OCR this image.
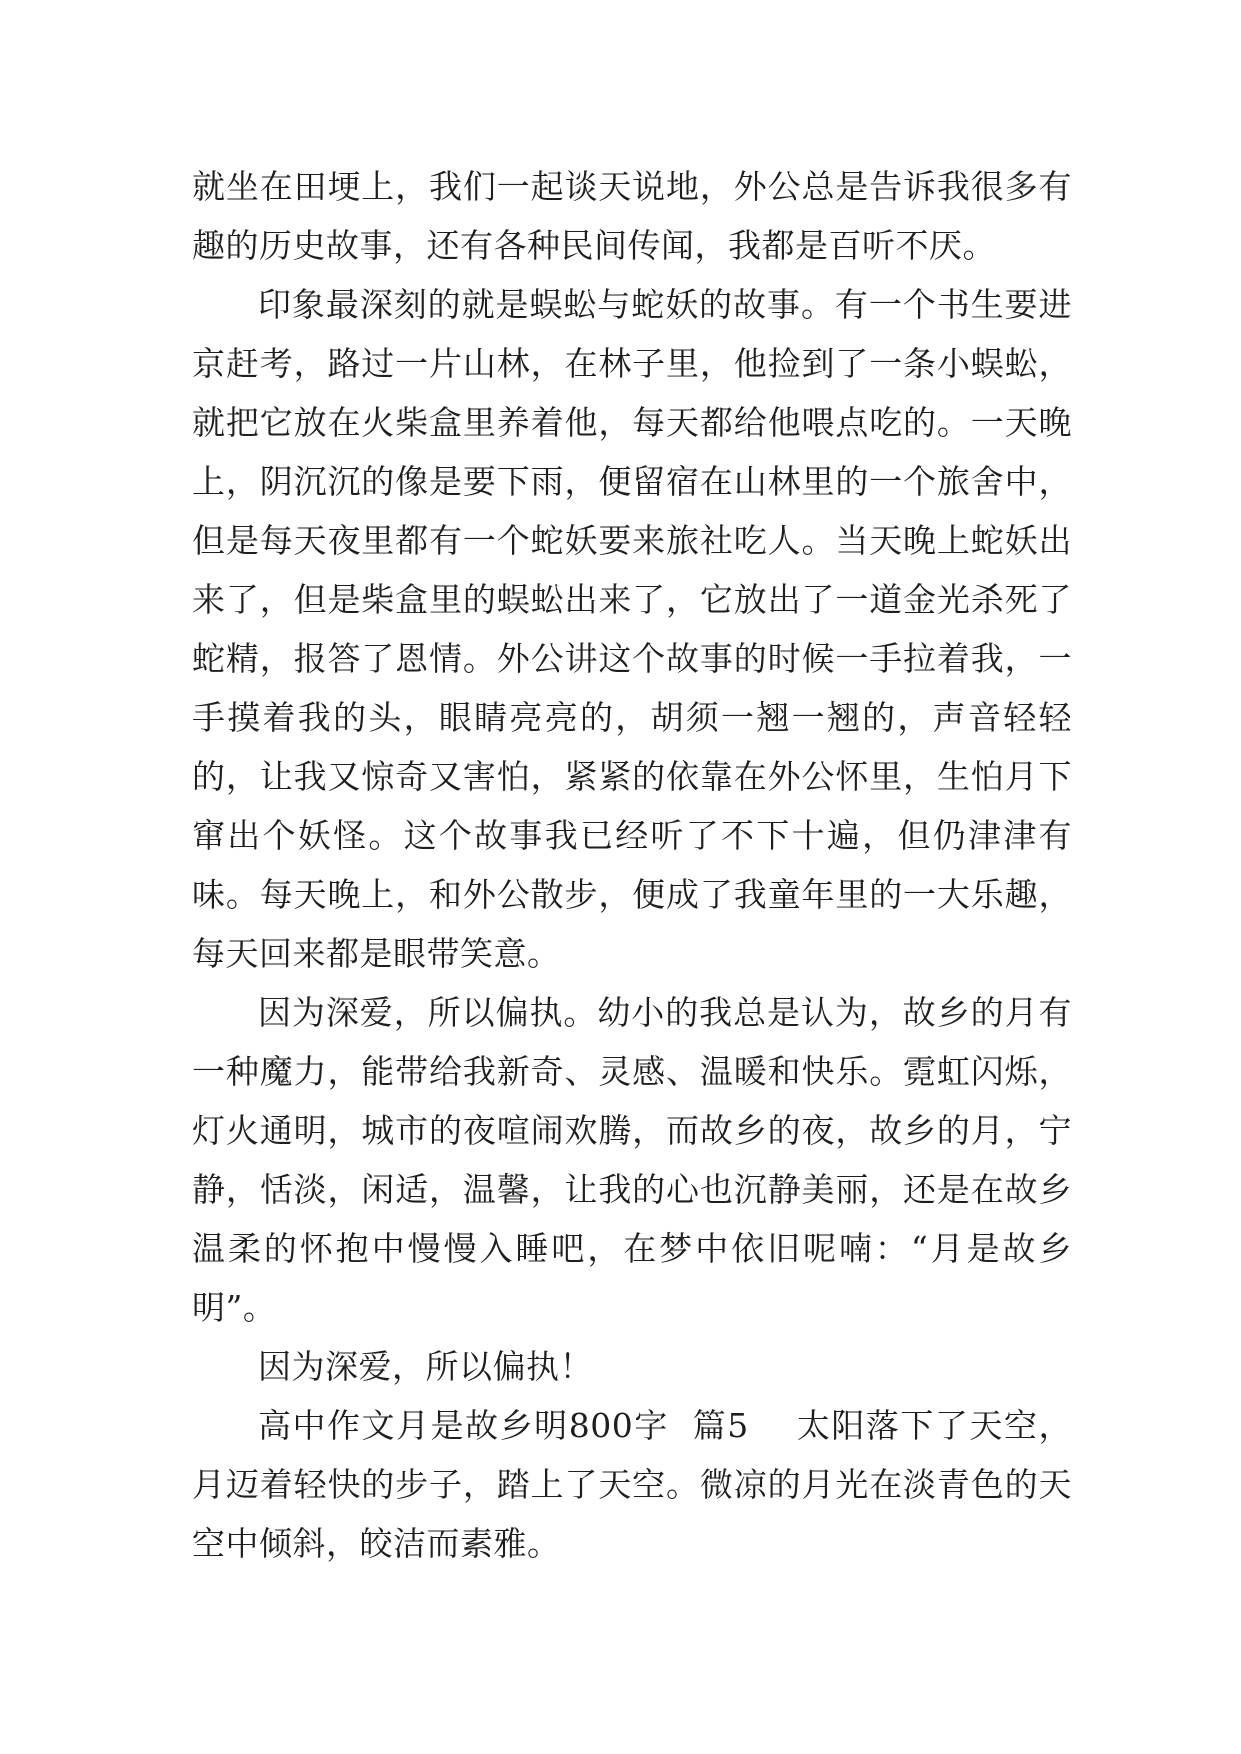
就坐在田埂上，我们一起谈天说地，外公总是告诉我很多有趣的历史故事，还有各种民间传闻，我都是百听不厌。

印象最深刻的就是蜈蚣与蛇妖的故事。有一个书生要进京赶考，路过一片山林，在林子里，他捡到了一条小蜈蚣，就把它放在火柴盒里养着他，每天都给他喂点吃的。一天晚上，阴沉沉的像是要下雨，便留宿在山林里的一个旅舍中，但是每天夜里都有一个蛇妖要来旅社吃人。当天晚上蛇妖出来了，但是柴盒里的蜈蚣出来了，它放出了一道金光杀死了蛇精，报答了恩情。外公讲这个故事的时候一手拉着我，一手摸着我的头，眼睛亮亮的，胡须一翘一翘的，声音轻轻的，让我又惊奇又害怕，紧紧的依靠在外公怀里，生怕月下窜出个妖怪。这个故事我已经听了不下十遍，但仍津津有味。每天晚上，和外公散步，便成了我童年里的一大乐趣，每天回来都是眼带笑意。

因为深爱，所以偏执。幼小的我总是认为，故乡的月有一种魔力，能带给我新奇、灵感、温暖和快乐。霓虹闪烁，灯火通明，城市的夜喧闹欢腾，而故乡的夜，故乡的月，宁静，恬淡，闲适，温馨，让我的心也沉静美丽，还是在故乡温柔的怀抱中慢慢入睡吧，在梦中依旧呢喃：“月是故乡明”。

因为深爱，所以偏执！

高中作文月是故乡明800字  篇5    太阳落下了天空，月迈着轻快的步子，踏上了天空。微凉的月光在淡青色的天空中倾斜，皎洁而素雅。
